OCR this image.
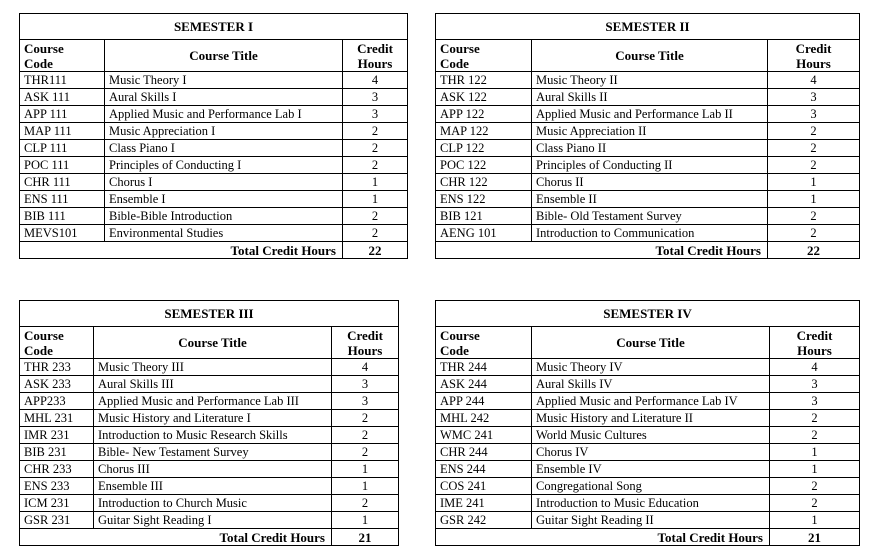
SEMESTER I		
Course
Code	Course Title	Credit
Hours
THR111	Music Theory I	4
ASK 111	Aural Skills I	3
APP 111	Applied Music and Performance Lab I	3
MAP 111	Music Appreciation I	2
CLP 111	Class Piano I	2
POC 111	Principles of Conducting I	2
CHR 111	Chorus I	1
ENS 111	Ensemble I	1
BIB 111	Bible-Bible Introduction	2
MEVS101	Environmental Studies	2
Total Credit Hours		22
SEMESTER II		
Course
Code	Course Title	Credit
Hours
THR 122	Music Theory II	4
ASK 122	Aural Skills II	3
APP 122	Applied Music and Performance Lab II	3
MAP 122	Music Appreciation II	2
CLP 122	Class Piano II	2
POC 122	Principles of Conducting II	2
CHR 122	Chorus II	1
ENS 122	Ensemble II	1
BIB 121	Bible- Old Testament Survey	2
AENG 101	Introduction to Communication	2
Total Credit Hours		22
SEMESTER III		
Course
Code	Course Title	Credit
Hours
THR 233	Music Theory III	4
ASK 233	Aural Skills III	3
APP233	Applied Music and Performance Lab III	3
MHL 231	Music History and Literature I	2
IMR 231	Introduction to Music Research Skills	2
BIB 231	Bible- New Testament Survey	2
CHR 233	Chorus III	1
ENS 233	Ensemble III	1
ICM 231	Introduction to Church Music	2
GSR 231	Guitar Sight Reading I	1
Total Credit Hours		21
SEMESTER IV		
Course
Code	Course Title	Credit
Hours
THR 244	Music Theory IV	4
ASK 244	Aural Skills IV	3
APP 244	Applied Music and Performance Lab IV	3
MHL 242	Music History and Literature II	2
WMC 241	World Music Cultures	2
CHR 244	Chorus IV	1
ENS 244	Ensemble IV	1
COS 241	Congregational Song	2
IME 241	Introduction to Music Education	2
GSR 242	Guitar Sight Reading II	1
Total Credit Hours		21
